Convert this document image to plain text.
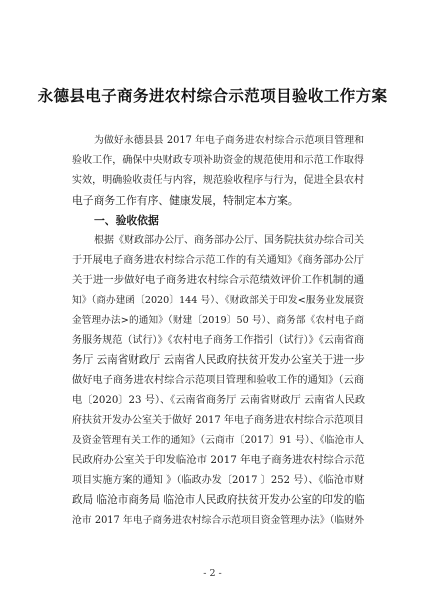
永德县电子商务进农村综合示范项目验收工作方案
为做好永德县县 2017 年电子商务进农村综合示范项目管理和
验收工作，确保中央财政专项补助资金的规范使用和示范工作取得
实效，明确验收责任与内容，规范验收程序与行为，促进全县农村
电子商务工作有序、健康发展，特制定本方案。
一、验收依据
根据《财政部办公厅、商务部办公厅、国务院扶贫办综合司关
于开展电子商务进农村综合示范工作的有关通知》《商务部办公厅
关于进一步做好电子商务进农村综合示范绩效评价工作机制的通
知》（商办建函〔2020〕144 号）、《财政部关于印发<服务业发展资
金管理办法>的通知》（财建〔2019〕50 号）、商务部《农村电子商
务服务规范（试行）》《农村电子商务工作指引（试行）》《云南省商
务厅 云南省财政厅 云南省人民政府扶贫开发办公室关于进一步
做好电子商务进农村综合示范项目管理和验收工作的通知》（云商
电〔2020〕23 号）、《云南省商务厅 云南省财政厅 云南省人民政
府扶贫开发办公室关于做好 2017 年电子商务进农村综合示范项目
及资金管理有关工作的通知》（云商市〔2017〕91 号）、《临沧市人
民政府办公室关于印发临沧市 2017 年电子商务进农村综合示范
项目实施方案的通知 》（临政办发〔2017 〕252 号）、《临沧市财
政局 临沧市商务局 临沧市人民政府扶贫开发办公室的印发的临
沧市 2017 年电子商务进农村综合示范项目资金管理办法》（临财外
- 2 -
